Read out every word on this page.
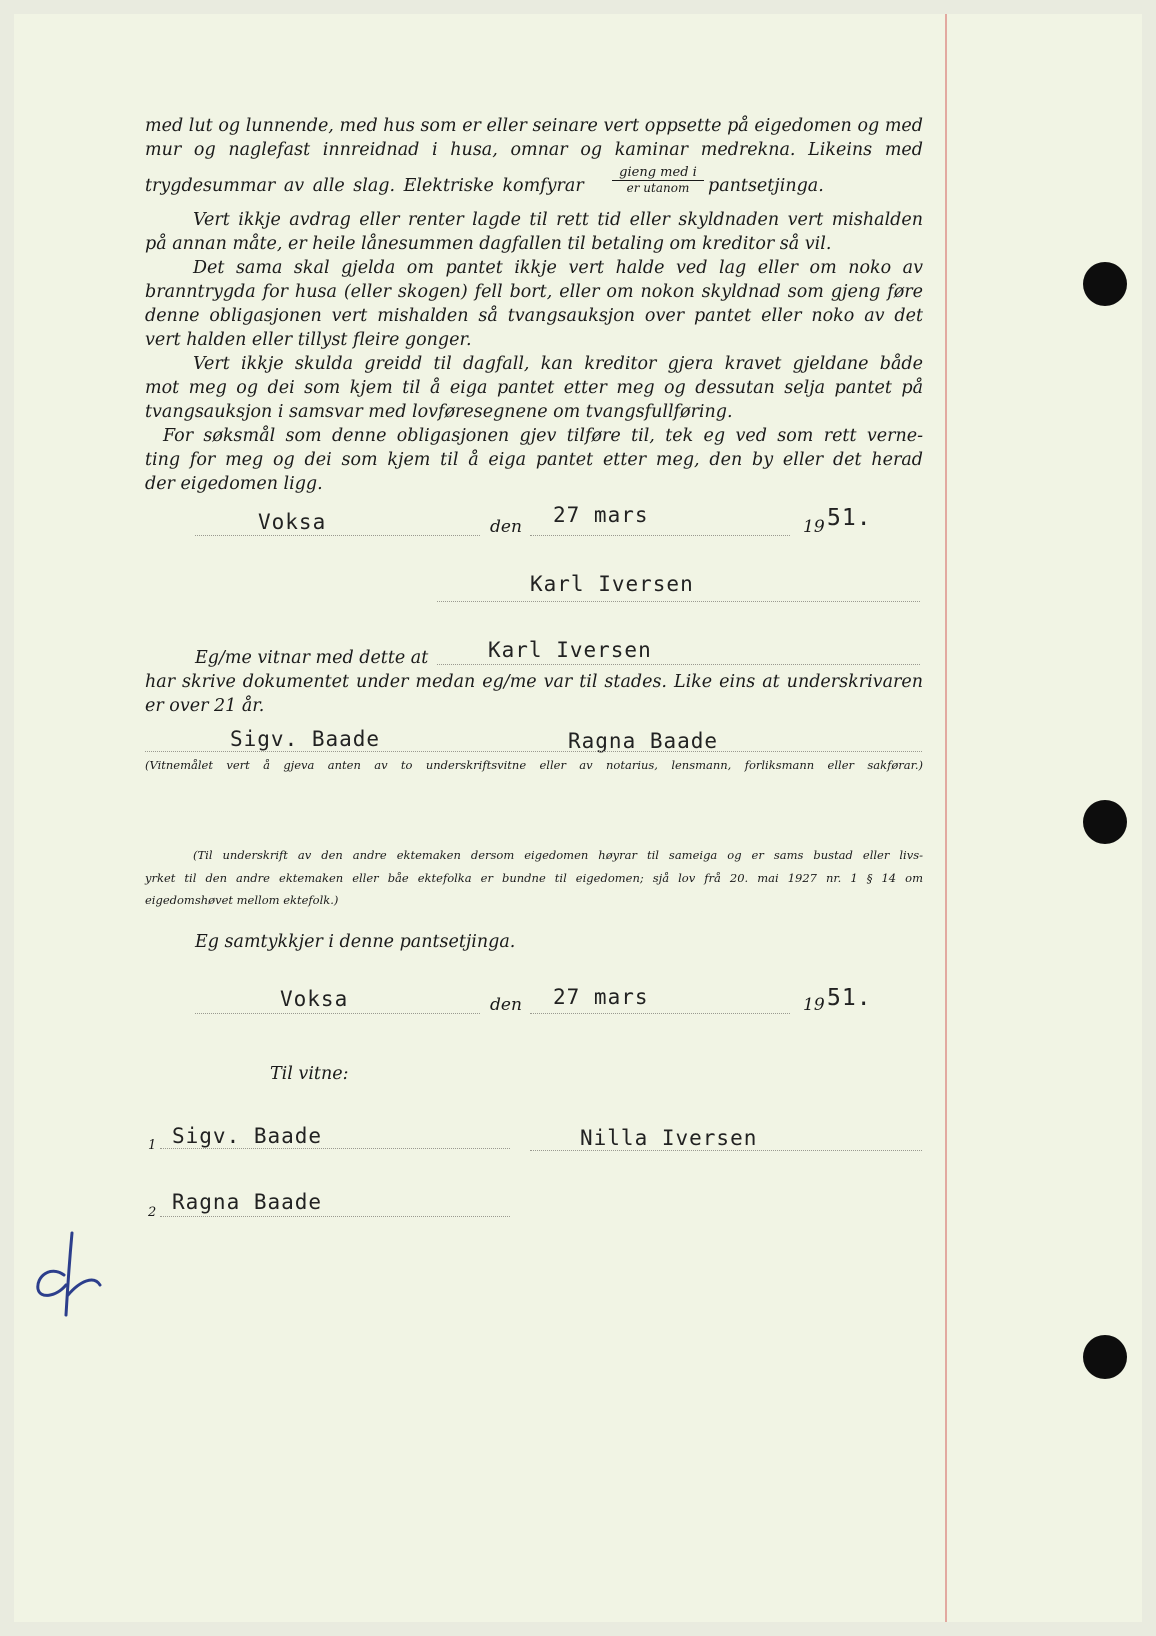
med lut og lunnende, med hus som er eller seinare vert oppsette på eigedomen og med
mur og naglefast innreidnad i husa, omnar og kaminar medrekna. Likeins med
trygdesummar av alle slag. Elektriske komfyrar
gieng med i
er utanom	pantsetjinga.
Vert ikkje avdrag eller renter lagde til rett tid eller skyldnaden vert mishalden
på annan måte, er heile lånesummen dagfallen til betaling om kreditor så vil.
Det sama skal gjelda om pantet ikkje vert halde ved lag eller om noko av
branntrygda for husa (eller skogen) fell bort, eller om nokon skyldnad som gjeng føre
denne obligasjonen vert mishalden så tvangsauksjon over pantet eller noko av det
vert halden eller tillyst fleire gonger.
Vert ikkje skulda greidd til dagfall, kan kreditor gjera kravet gjeldane både
mot meg og dei som kjem til å eiga pantet etter meg og dessutan selja pantet på
tvangsauksjon i samsvar med lovføresegnene om tvangsfullføring.
For søksmål som denne obligasjonen gjev tilføre til, tek eg ved som rett verne-
ting for meg og dei som kjem til å eiga pantet etter meg, den by eller det herad
der eigedomen ligg.
Voksa	den 27 mars	19 51.
Karl Iversen
Eg/me vitnar med dette at	Karl Iversen
har skrive dokumentet under medan eg/me var til stades. Like eins at underskrivaren
er over 21 år.
Sigv. Baade	Ragna Baade
(Vitnemålet vert å gjeva anten av to underskriftsvitne eller av notarius, lensmann, forliksmann eller sakførar.)
(Til underskrift av den andre ektemaken dersom eigedomen høyrar til sameiga og er sams bustad eller livs-
yrket til den andre ektemaken eller båe ektefolka er bundne til eigedomen; sjå lov frå 20. mai 1927 nr. 1 § 14 om
eigedomshøvet mellom ektefolk.)
Eg samtykkjer i denne pantsetjinga.
Voksa	den 27 mars	19 51.
Til vitne:
1 Sigv. Baade	Nilla Iversen
2 Ragna Baade
